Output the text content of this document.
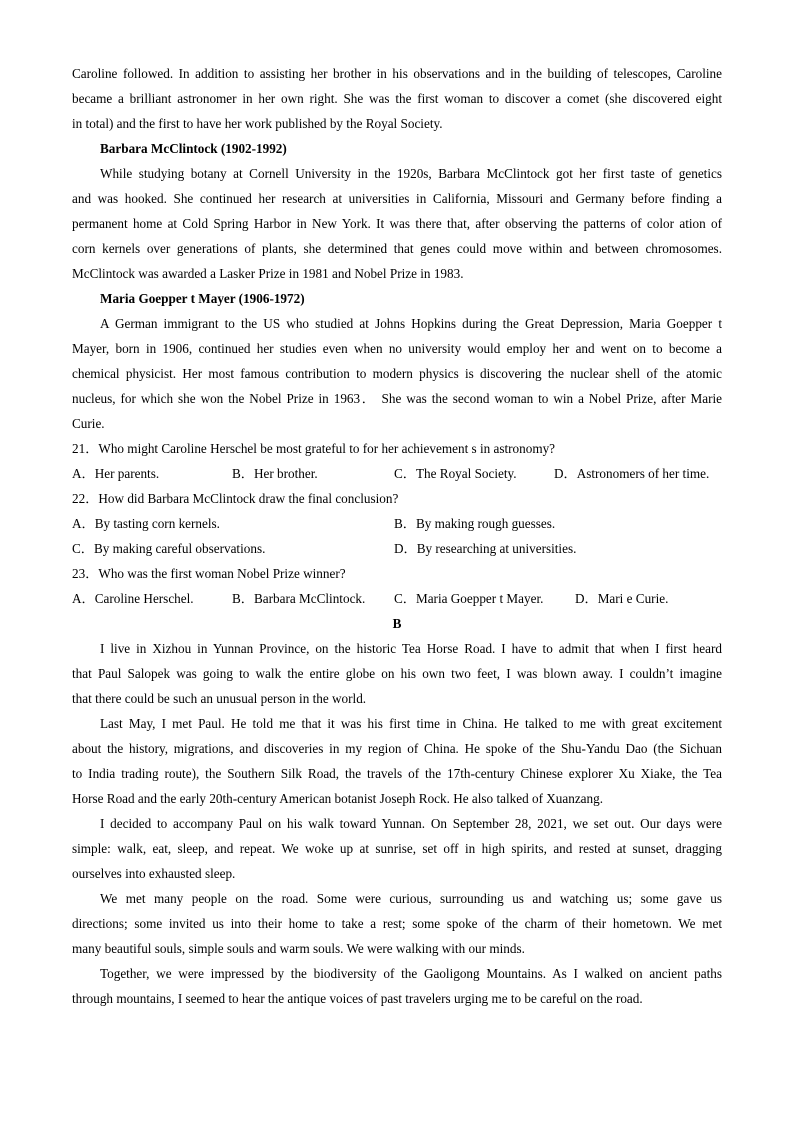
Caroline followed. In addition to assisting her brother in his observations and in the building of telescopes, Caroline
became a brilliant astronomer in her own right. She was the first woman to discover a comet (she discovered eight
in total) and the first to have her work published by the Royal Society.
Barbara McClintock (1902-1992)
While studying botany at Cornell University in the 1920s, Barbara McClintock got her first taste of genetics
and was hooked. She continued her research at universities in California, Missouri and Germany before finding a
permanent home at Cold Spring Harbor in New York. It was there that, after observing the patterns of color ation of
corn kernels over generations of plants, she determined that genes could move within and between chromosomes.
McClintock was awarded a Lasker Prize in 1981 and Nobel Prize in 1983.
Maria Goepper t Mayer (1906-1972)
A German immigrant to the US who studied at Johns Hopkins during the Great Depression, Maria Goepper t
Mayer, born in 1906, continued her studies even when no university would employ her and went on to become a
chemical physicist. Her most famous contribution to modern physics is discovering the nuclear shell of the atomic
nucleus, for which she won the Nobel Prize in 1963． She was the second woman to win a Nobel Prize, after Marie
Curie.
21．Who might Caroline Herschel be most grateful to for her achievement s in astronomy?
A．Her parents.	B．Her brother.	C．The Royal Society.	D．Astronomers of her time.
22．How did Barbara McClintock draw the final conclusion?
A．By tasting corn kernels.	B．By making rough guesses.
C．By making careful observations.	D．By researching at universities.
23．Who was the first woman Nobel Prize winner?
A．Caroline Herschel.	B．Barbara McClintock. C．Maria Goepper t Mayer. D．Mari e Curie.
B
I live in Xizhou in Yunnan Province, on the historic Tea Horse Road. I have to admit that when I first heard
that Paul Salopek was going to walk the entire globe on his own two feet, I was blown away. I couldn’t imagine
that there could be such an unusual person in the world.
Last May, I met Paul. He told me that it was his first time in China. He talked to me with great excitement
about the history, migrations, and discoveries in my region of China. He spoke of the Shu-Yandu Dao (the Sichuan
to India trading route), the Southern Silk Road, the travels of the 17th-century Chinese explorer Xu Xiake, the Tea
Horse Road and the early 20th-century American botanist Joseph Rock. He also talked of Xuanzang.
I decided to accompany Paul on his walk toward Yunnan. On September 28, 2021, we set out. Our days were
simple: walk, eat, sleep, and repeat. We woke up at sunrise, set off in high spirits, and rested at sunset, dragging
ourselves into exhausted sleep.
We met many people on the road. Some were curious, surrounding us and watching us; some gave us
directions; some invited us into their home to take a rest; some spoke of the charm of their hometown. We met
many beautiful souls, simple souls and warm souls. We were walking with our minds.
Together, we were impressed by the biodiversity of the Gaoligong Mountains. As I walked on ancient paths
through mountains, I seemed to hear the antique voices of past travelers urging me to be careful on the road.
